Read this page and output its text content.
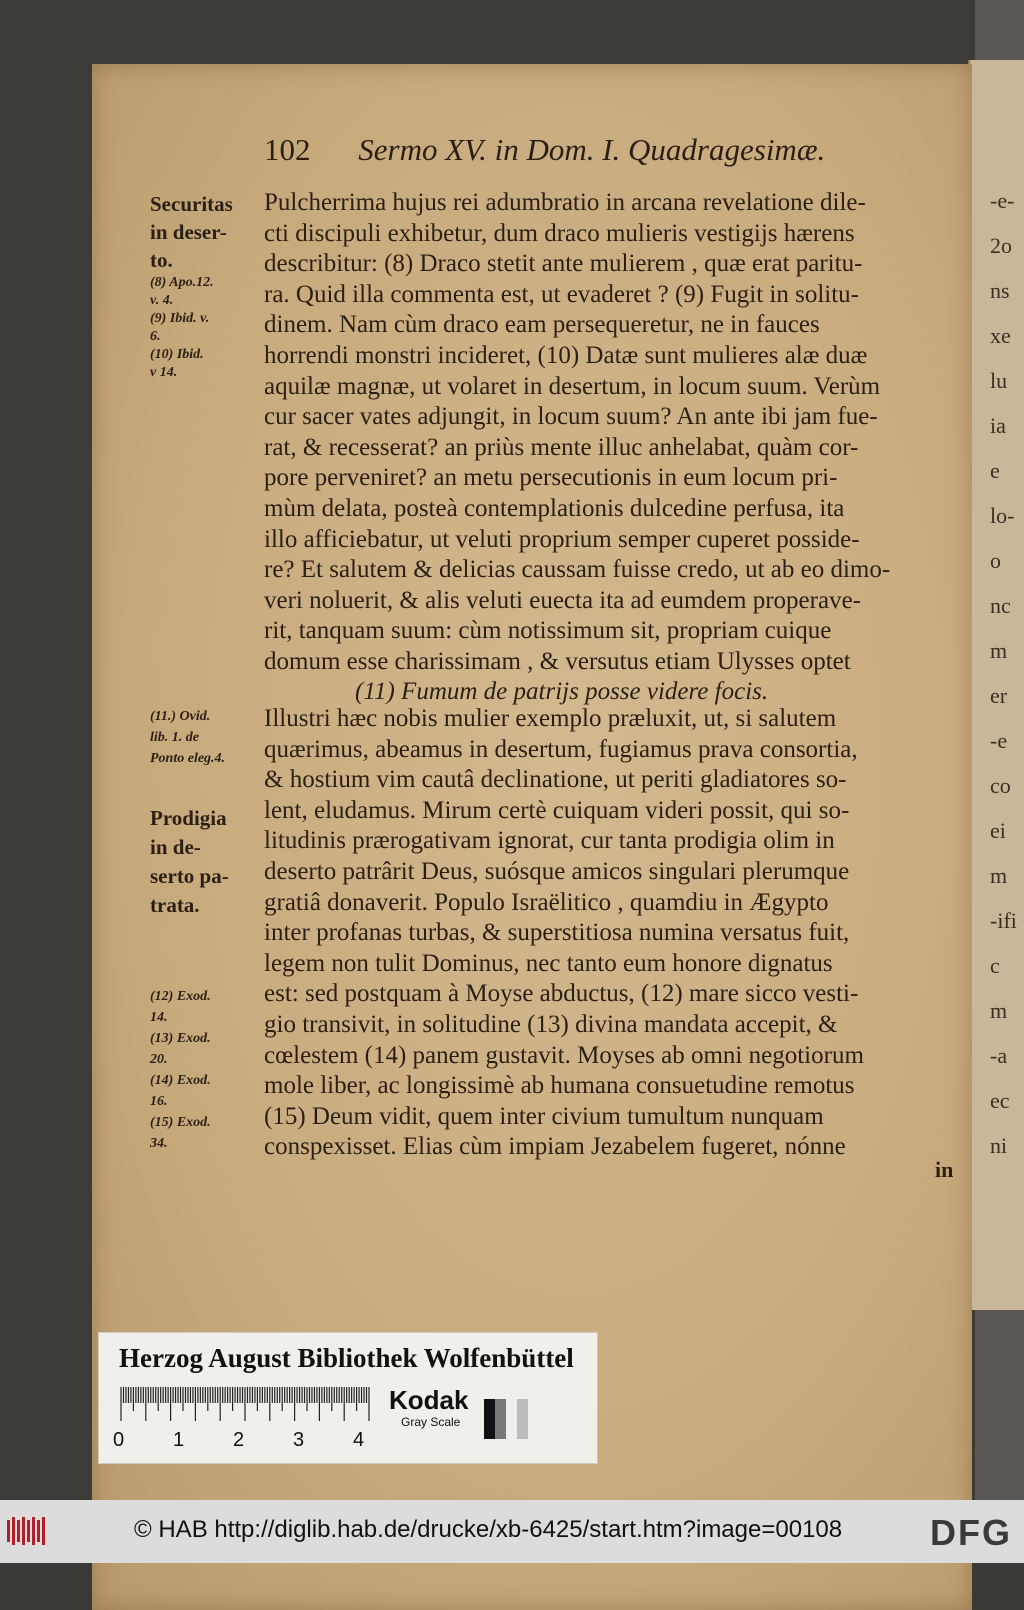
-e-
2o
ns
xe
lu
ia
e
lo-
o
nc
m
er
-e
co
ei
m
-ifi
c
m
-a
ec
ni
102 Sermo XV. in Dom. I. Quadragesimæ.
Pulcherrima hujus rei adumbratio in arcana revelatione dile-
cti discipuli exhibetur, dum draco mulieris vestigijs hærens
describitur: (8) Draco stetit ante mulierem , quæ erat paritu-
ra. Quid illa commenta est, ut evaderet ? (9) Fugit in solitu-
dinem. Nam cùm draco eam persequeretur, ne in fauces
horrendi monstri incideret, (10) Datæ sunt mulieres alæ duæ
aquilæ magnæ, ut volaret in desertum, in locum suum. Verùm
cur sacer vates adjungit, in locum suum? An ante ibi jam fue-
rat, & recesserat? an priùs mente illuc anhelabat, quàm cor-
pore perveniret? an metu persecutionis in eum locum pri-
mùm delata, posteà contemplationis dulcedine perfusa, ita
illo afficiebatur, ut veluti proprium semper cuperet posside-
re? Et salutem & delicias caussam fuisse credo, ut ab eo dimo-
veri noluerit, & alis veluti euecta ita ad eumdem properave-
rit, tanquam suum: cùm notissimum sit, propriam cuique
domum esse charissimam , & versutus etiam Ulysses optet
(11) Fumum de patrijs posse videre focis.
Illustri hæc nobis mulier exemplo præluxit, ut, si salutem
quærimus, abeamus in desertum, fugiamus prava consortia,
& hostium vim cautâ declinatione, ut periti gladiatores so-
lent, eludamus. Mirum certè cuiquam videri possit, qui so-
litudinis prærogativam ignorat, cur tanta prodigia olim in
deserto patrârit Deus, suósque amicos singulari plerumque
gratiâ donaverit. Populo Israëlitico , quamdiu in Ægypto
inter profanas turbas, & superstitiosa numina versatus fuit,
legem non tulit Dominus, nec tanto eum honore dignatus
est: sed postquam à Moyse abductus, (12) mare sicco vesti-
gio transivit, in solitudine (13) divina mandata accepit, &
cœlestem (14) panem gustavit. Moyses ab omni negotiorum
mole liber, ac longissimè ab humana consuetudine remotus
(15) Deum vidit, quem inter civium tumultum nunquam
conspexisset. Elias cùm impiam Jezabelem fugeret, nónne
in
Securitas
in deser-
to.
(8) Apo.12.
v. 4.
(9) Ibid. v.
6.
(10) Ibid.
v 14.
(11.) Ovid.
lib. 1. de
Ponto eleg.4.
Prodigia
in de-
serto pa-
trata.
(12) Exod.
14.
(13) Exod.
20.
(14) Exod.
16.
(15) Exod.
34.
Herzog August Bibliothek Wolfenbüttel
0 1 2 3 4
Kodak
Gray Scale
© HAB http://diglib.hab.de/drucke/xb-6425/start.htm?image=00108 DFG
